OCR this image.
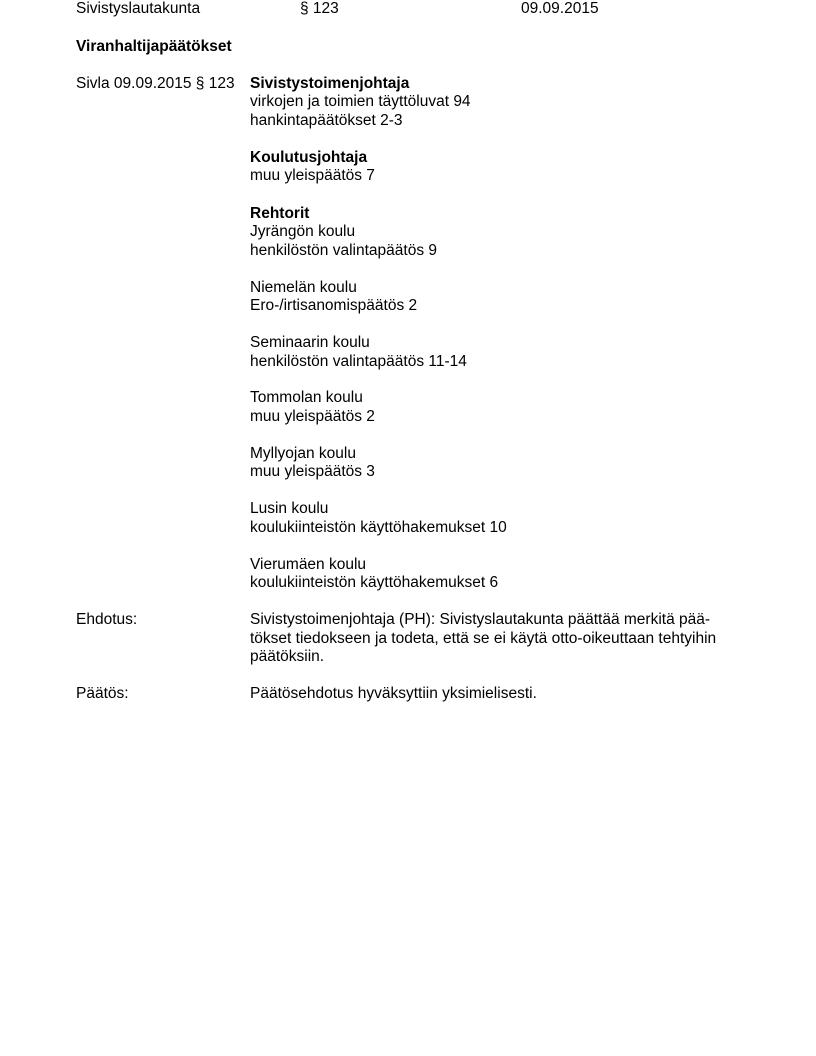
Sivistyslautakunta	§ 123	09.09.2015
Viranhaltijapäätökset
Sivla 09.09.2015 § 123 Sivistystoimenjohtaja
virkojen ja toimien täyttöluvat 94
hankintapäätökset 2-3
Koulutusjohtaja
muu yleispäätös 7
Rehtorit
Jyrängön koulu
henkilöstön valintapäätös 9
Niemelän koulu
Ero-/irtisanomispäätös 2
Seminaarin koulu
henkilöstön valintapäätös 11-14
Tommolan koulu
muu yleispäätös 2
Myllyojan koulu
muu yleispäätös 3
Lusin koulu
koulukiinteistön käyttöhakemukset 10
Vierumäen koulu
koulukiinteistön käyttöhakemukset 6
Ehdotus:	Sivistystoimenjohtaja (PH): Sivistyslautakunta päättää merkitä pää-
tökset tiedokseen ja todeta, että se ei käytä otto-oikeuttaan tehtyihin
päätöksiin.
Päätös:	Päätösehdotus hyväksyttiin yksimielisesti.
